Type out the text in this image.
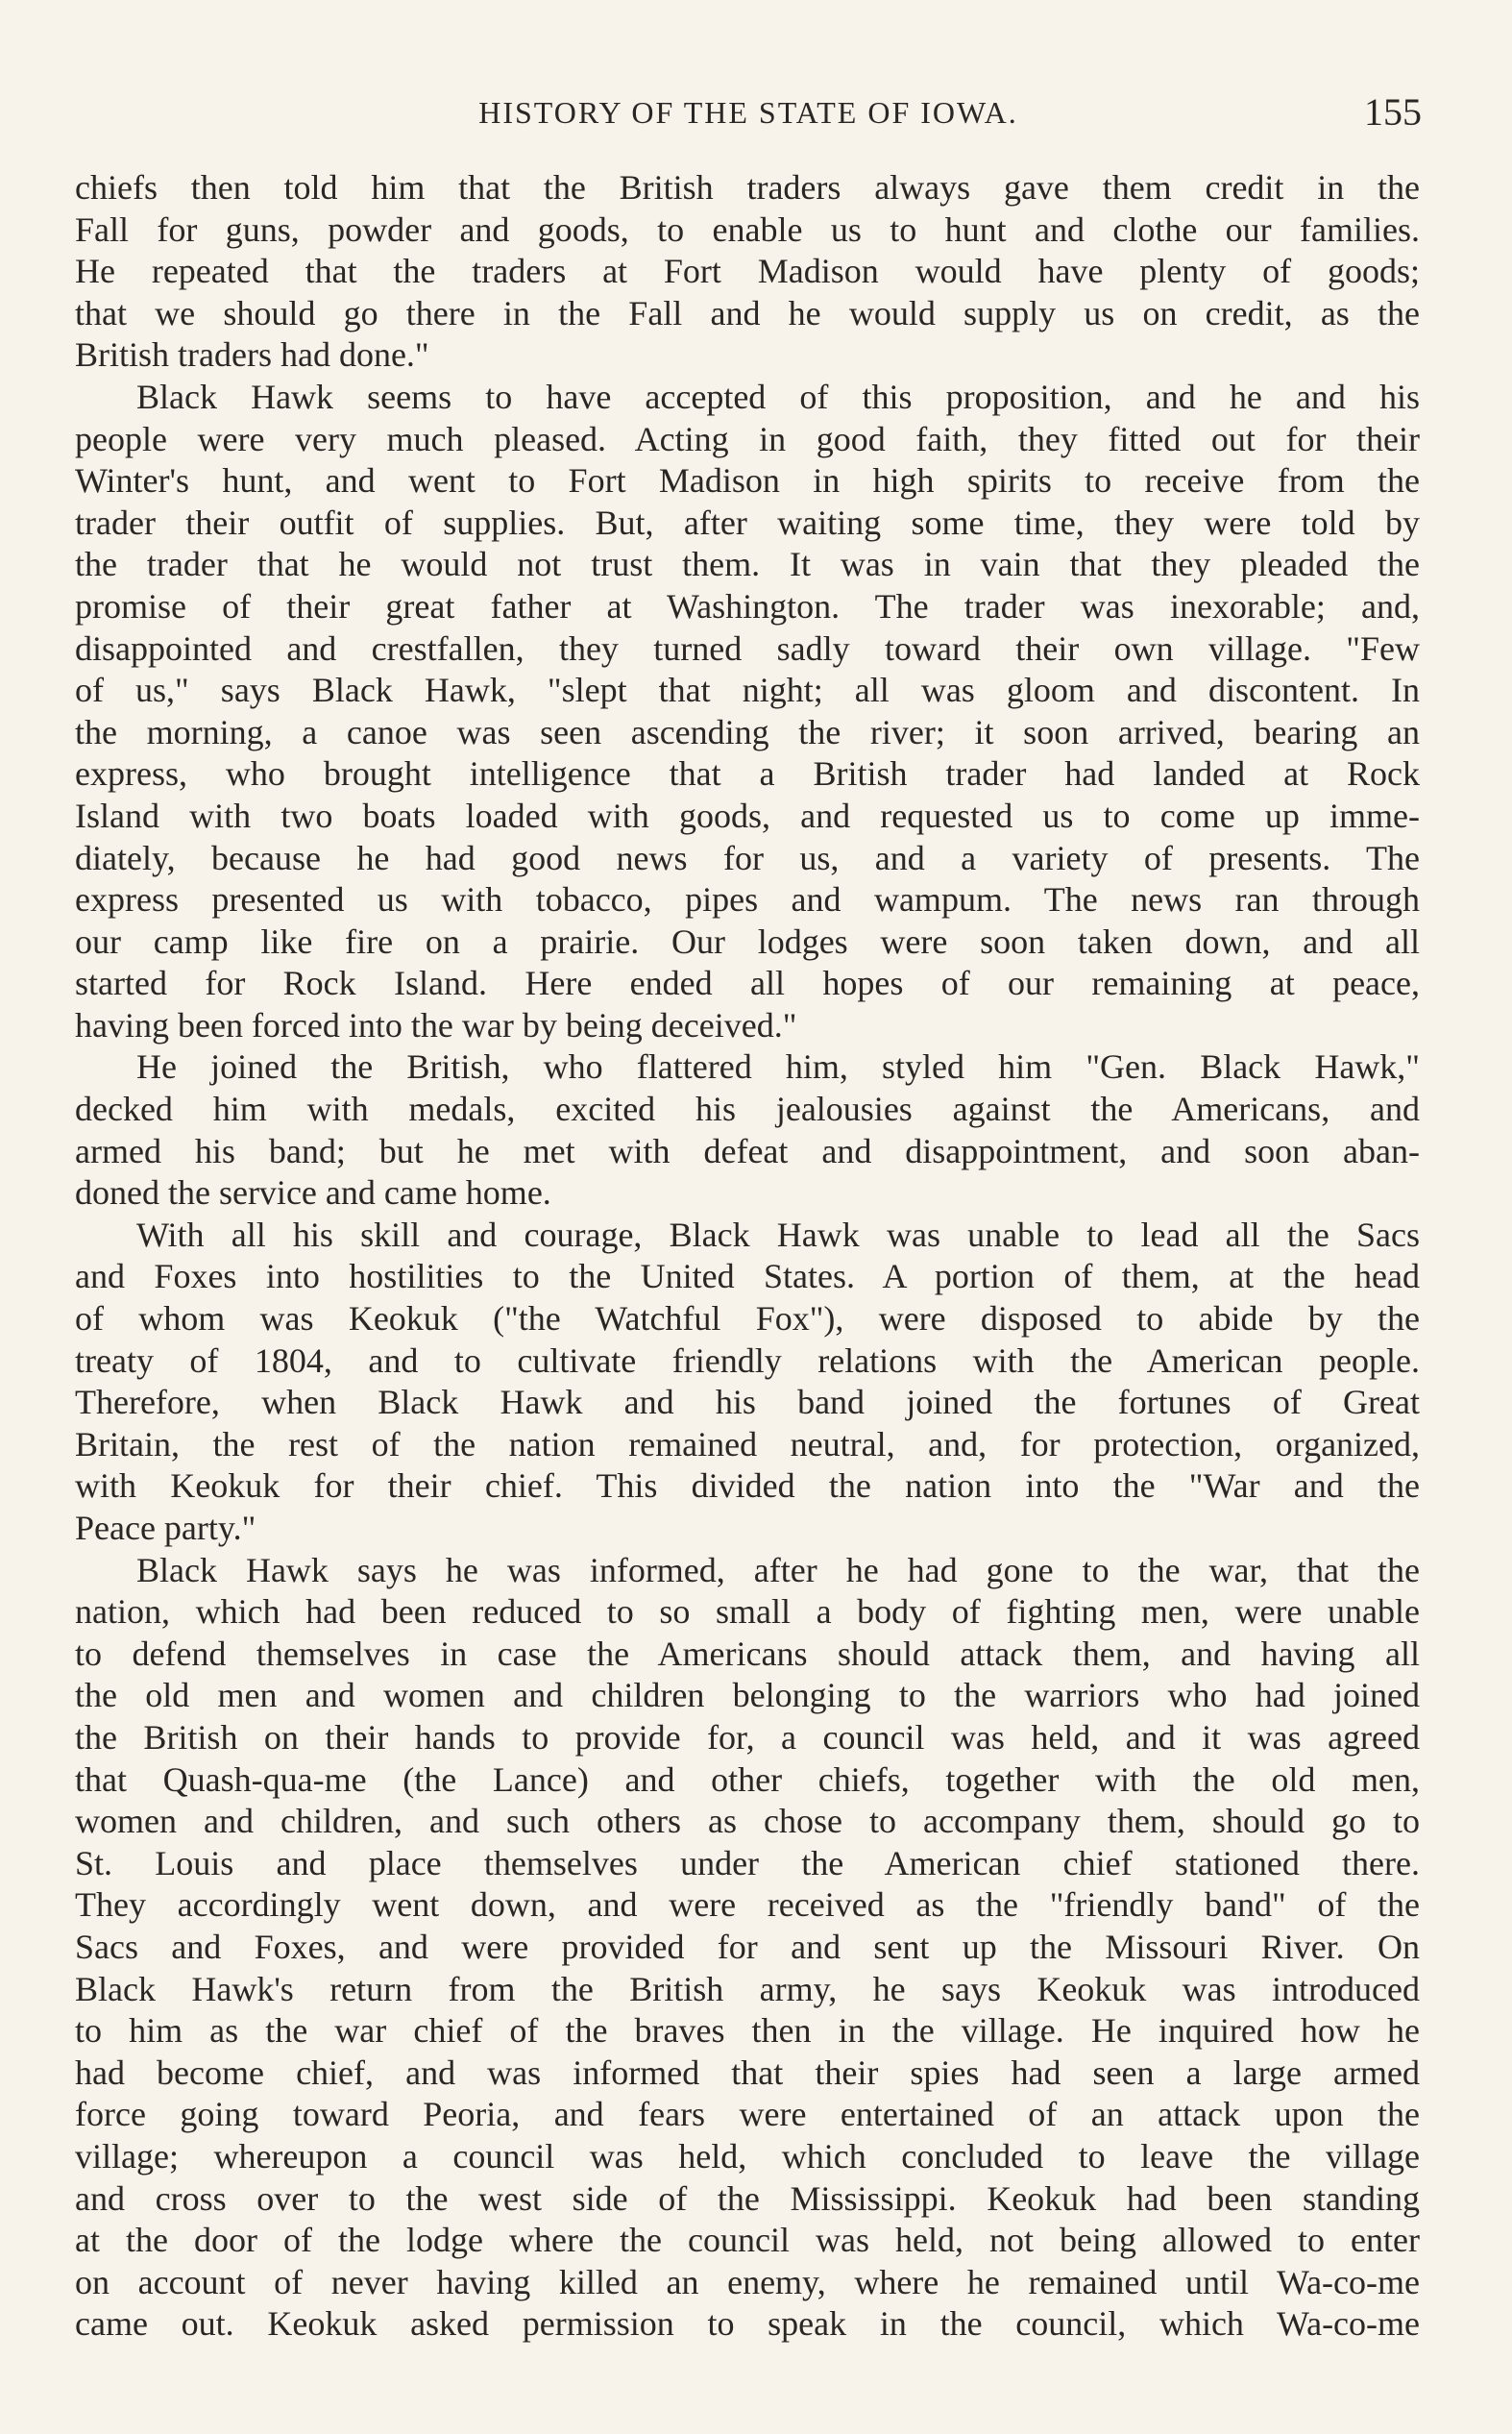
HISTORY OF THE STATE OF IOWA.	155
chiefs then told him that the British traders always gave them credit in the
Fall for guns, powder and goods, to enable us to hunt and clothe our families.
He repeated that the traders at Fort Madison would have plenty of goods;
that we should go there in the Fall and he would supply us on credit, as the
British traders had done."
Black Hawk seems to have accepted of this proposition, and he and his
people were very much pleased. Acting in good faith, they fitted out for their
Winter's hunt, and went to Fort Madison in high spirits to receive from the
trader their outfit of supplies. But, after waiting some time, they were told by
the trader that he would not trust them. It was in vain that they pleaded the
promise of their great father at Washington. The trader was inexorable; and,
disappointed and crestfallen, they turned sadly toward their own village. "Few
of us," says Black Hawk, "slept that night; all was gloom and discontent. In
the morning, a canoe was seen ascending the river; it soon arrived, bearing an
express, who brought intelligence that a British trader had landed at Rock
Island with two boats loaded with goods, and requested us to come up imme-
diately, because he had good news for us, and a variety of presents. The
express presented us with tobacco, pipes and wampum. The news ran through
our camp like fire on a prairie. Our lodges were soon taken down, and all
started for Rock Island. Here ended all hopes of our remaining at peace,
having been forced into the war by being deceived."
He joined the British, who flattered him, styled him "Gen. Black Hawk,"
decked him with medals, excited his jealousies against the Americans, and
armed his band; but he met with defeat and disappointment, and soon aban-
doned the service and came home.
With all his skill and courage, Black Hawk was unable to lead all the Sacs
and Foxes into hostilities to the United States. A portion of them, at the head
of whom was Keokuk ("the Watchful Fox"), were disposed to abide by the
treaty of 1804, and to cultivate friendly relations with the American people.
Therefore, when Black Hawk and his band joined the fortunes of Great
Britain, the rest of the nation remained neutral, and, for protection, organized,
with Keokuk for their chief. This divided the nation into the "War and the
Peace party."
Black Hawk says he was informed, after he had gone to the war, that the
nation, which had been reduced to so small a body of fighting men, were unable
to defend themselves in case the Americans should attack them, and having all
the old men and women and children belonging to the warriors who had joined
the British on their hands to provide for, a council was held, and it was agreed
that Quash-qua-me (the Lance) and other chiefs, together with the old men,
women and children, and such others as chose to accompany them, should go to
St. Louis and place themselves under the American chief stationed there.
They accordingly went down, and were received as the "friendly band" of the
Sacs and Foxes, and were provided for and sent up the Missouri River. On
Black Hawk's return from the British army, he says Keokuk was introduced
to him as the war chief of the braves then in the village. He inquired how he
had become chief, and was informed that their spies had seen a large armed
force going toward Peoria, and fears were entertained of an attack upon the
village; whereupon a council was held, which concluded to leave the village
and cross over to the west side of the Mississippi. Keokuk had been standing
at the door of the lodge where the council was held, not being allowed to enter
on account of never having killed an enemy, where he remained until Wa-co-me
came out. Keokuk asked permission to speak in the council, which Wa-co-me
